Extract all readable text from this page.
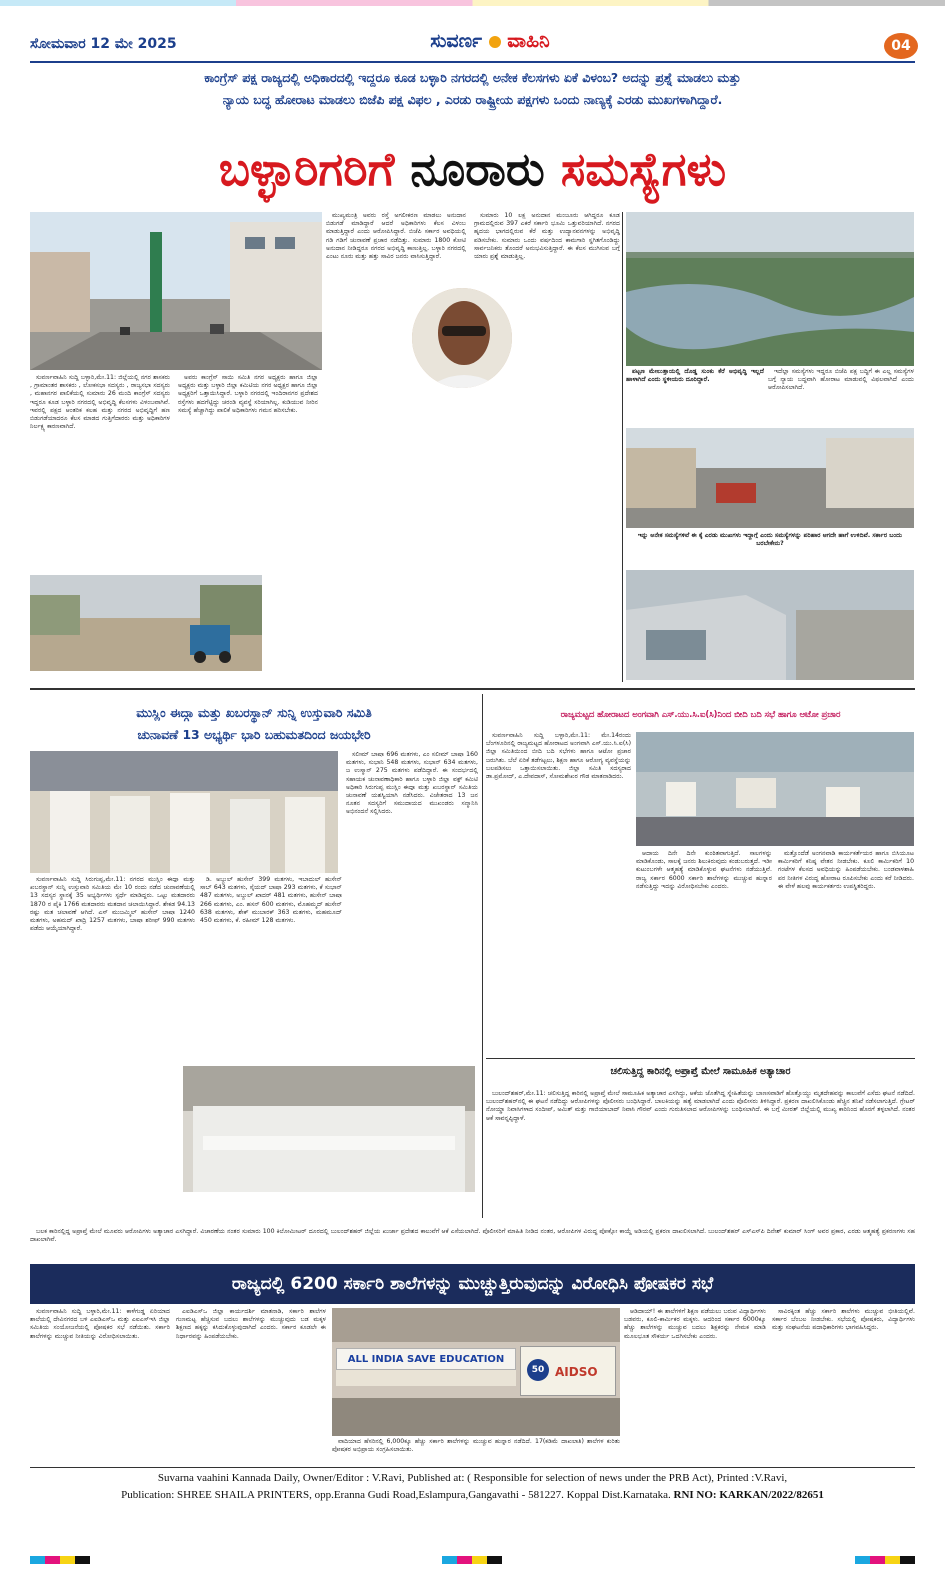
ಸೋಮವಾರ 12 ಮೇ 2025	ಸುವರ್ಣ ವಾಹಿನಿ	04
ಕಾಂಗ್ರೆಸ್ ಪಕ್ಷ ರಾಜ್ಯದಲ್ಲಿ ಅಧಿಕಾರದಲ್ಲಿ ಇದ್ದರೂ ಕೂಡ ಬಳ್ಳಾರಿ ನಗರದಲ್ಲಿ ಅನೇಕ ಕೆಲಸಗಳು ಏಕೆ ವಿಳಂಬ? ಅದನ್ನು ಪ್ರಶ್ನೆ ಮಾಡಲು ಮತ್ತು
ನ್ಯಾಯ ಬದ್ಧ ಹೋರಾಟ ಮಾಡಲು ಬಿಜೆಪಿ ಪಕ್ಷ ವಿಫಲ , ಎರಡು ರಾಷ್ಟ್ರೀಯ ಪಕ್ಷಗಳು ಒಂದು ನಾಣ್ಯಕ್ಕೆ ಎರಡು ಮುಖಗಳಾಗಿದ್ದಾರೆ.
ಬಳ್ಳಾರಿಗರಿಗೆ ನೂರಾರು ಸಮಸ್ಯೆಗಳು

ಸುವರ್ಣವಾಹಿನಿ ಸುದ್ದಿ ಬಳ್ಳಾರಿ,ಮೇ.11: ಜಿಲ್ಲೆಯಲ್ಲಿ ನಗರ ಶಾಸಕರು , ಗ್ರಾಮಾಂತರ ಶಾಸಕರು , ಲೋಕಸಭಾ ಸದಸ್ಯರು , ರಾಜ್ಯಸಭಾ ಸದಸ್ಯರು , ಮಹಾನಗರ ಪಾಲಿಕೆಯಲ್ಲಿ ಸುಮಾರು 26 ಮಂದಿ ಕಾಂಗ್ರೆಸ್ ಸದಸ್ಯರು ಇದ್ದರೂ ಕೂಡ ಬಳ್ಳಾರಿ ನಗರದಲ್ಲಿ ಅಭಿವೃದ್ಧಿ ಕೆಲಸಗಳು ವಿಳಂಬವಾಗಿವೆ. ಇವರಲ್ಲಿ ಪಕ್ಷದ ಆಂತರಿಕ ಕಲಹ ಮತ್ತು ನಗರದ ಅಭಿವೃದ್ಧಿಗೆ ಹಣ ಬಿಡುಗಡೆಯಾದರೂ ಕೆಲಸ ಮಾಡದ ಗುತ್ತಿಗೆದಾರರು ಮತ್ತು ಅಧಿಕಾರಿಗಳ ನಿರ್ಲಕ್ಷ್ಯ ಕಾರಣವಾಗಿದೆ.

ಅವರು ಕಾಂಗ್ರೆಸ್ ಸಾಯಿ ಸಮಿತಿ ನಗರ ಅಧ್ಯಕ್ಷರು ಹಾಗೂ ಜಿಲ್ಲಾ ಅಧ್ಯಕ್ಷರು ಮತ್ತು ಬಳ್ಳಾರಿ ಜಿಲ್ಲಾ ಕಮಿಟಿಯ ನಗರ ಅಧ್ಯಕ್ಷರ ಹಾಗೂ ಜಿಲ್ಲಾ ಅಧ್ಯಕ್ಷರಿಗೆ ಒತ್ತಾಯಿಸಿದ್ದಾರೆ. ಬಳ್ಳಾರಿ ನಗರದಲ್ಲಿ ಇಂದಿರಾನಗರ ಪ್ರದೇಶದ ರಸ್ತೆಗಳು ಹದಗೆಟ್ಟಿದ್ದು ಚರಂಡಿ ವ್ಯವಸ್ಥೆ ಸರಿಯಾಗಿಲ್ಲ. ಕುಡಿಯುವ ನೀರಿನ ಸಮಸ್ಯೆ ಹೆಚ್ಚಾಗಿದ್ದು ಪಾಲಿಕೆ ಅಧಿಕಾರಿಗಳು ಗಮನ ಹರಿಸಬೇಕು.

ಮುಖ್ಯಮಂತ್ರಿ ಅವರು ರಸ್ತೆ ಅಗಲೀಕರಣ ಮಾಡಲು ಅನುದಾನ ಬಿಡುಗಡೆ ಮಾಡಿದ್ದಾರೆ ಆದರೆ ಅಧಿಕಾರಿಗಳು ಕೆಲಸ ವಿಳಂಬ ಮಾಡುತ್ತಿದ್ದಾರೆ ಎಂದು ಆರೋಪಿಸಿದ್ದಾರೆ. ಬಿಜೆಪಿ ಸರ್ಕಾರ ಅವಧಿಯಲ್ಲಿ ಗಡಿ ಗಡಿಗೆ ಚುನಾವಣೆ ಪ್ರಚಾರ ನಡೆದಿತ್ತು. ಸುಮಾರು 1800 ಕೋಟಿ ಅನುದಾನ ನೀಡಿದ್ದರೂ ನಗರದ ಅಭಿವೃದ್ಧಿ ಕಾಣುತ್ತಿಲ್ಲ. ಬಳ್ಳಾರಿ ನಗರದಲ್ಲಿ ಎಂಟು ನೂರು ಮತ್ತು ಹತ್ತು ಸಾವಿರ ಜನರು ವಾಸಿಸುತ್ತಿದ್ದಾರೆ.

ಸುಮಾರು 10 ಲಕ್ಷ ಅನುದಾನ ಮಂಜೂರು ಆಗಿದ್ದರೂ ಕೂಡ ಗ್ರಾಮದಲ್ಲಿರುವ 397 ಎಕರೆ ಸರ್ಕಾರಿ ಭೂಮಿ ಒತ್ತುವರಿಯಾಗಿದೆ. ನಗರದ ಹೃದಯ ಭಾಗದಲ್ಲಿರುವ ಕೆರೆ ಮತ್ತು ಉದ್ಯಾನವನಗಳನ್ನು ಅಭಿವೃದ್ಧಿ ಪಡಿಸಬೇಕು. ಸುಮಾರು ಒಂದು ವರ್ಷದಿಂದ ಕಾಮಗಾರಿ ಸ್ಥಗಿತಗೊಂಡಿದ್ದು ಸಾರ್ವಜನಿಕರು ತೊಂದರೆ ಅನುಭವಿಸುತ್ತಿದ್ದಾರೆ. ಈ ಕೆಲಸ ಮುಗಿಸುವ ಬಗ್ಗೆ ಯಾರು ಪ್ರಶ್ನೆ ಮಾಡುತ್ತಿಲ್ಲ.

ಇದೆಲ್ಲಾ ಸಮಸ್ಯೆಗಳು ಇದ್ದರೂ ಬಿಜೆಪಿ ಪಕ್ಷ ಬದ್ಧಿಗೆ ಈ ಎಲ್ಲ ಸಮಸ್ಯೆಗಳ ಬಗ್ಗೆ ನ್ಯಾಯ ಬದ್ಧವಾಗಿ ಹೋರಾಟ ಮಾಡುವಲ್ಲಿ ವಿಫಲವಾಗಿದೆ ಎಂದು ಆರೋಪಿಸಲಾಗಿದೆ.

ಪಟ್ಟಣ ಮೇಲುತ್ತಾಯಲ್ಲಿ ದೊಡ್ಡ ಸುಂಕು ಕೆರೆ ಅಭಿವೃದ್ಧಿ ಇಲ್ಲದೆ ಹಾಳಾಗಿದೆ ಎಂದು ಸ್ಥಳೀಯರು ದೂರಿದ್ದಾರೆ.

ಇನ್ನು ಅನೇಕ ಸಮಸ್ಯೆಗಳಿವೆ ಈ ಕ್ಕೆ ಎರಡು ಮುಖಗಳು ಇದ್ದಾಗ್ಗೆ ಎಂದು ಸಮಸ್ಯೆಗಳನ್ನು ಪರಿಹಾರ ಆಗದೇ ಹಾಗೆ ಉಳಿದಿವೆ. ಸರ್ಕಾರ ಬಂದು ಬರಬೇಕೇನು?

ಮುಸ್ಲಿಂ ಈದ್ಗಾ ಮತ್ತು ಖಬರಸ್ಥಾನ್ ಸುನ್ನಿ ಉಸ್ತುವಾರಿ ಸಮಿತಿ
ಚುನಾವಣೆ 13 ಅಭ್ಯರ್ಥಿ ಭಾರಿ ಬಹುಮತದಿಂದ ಜಯಭೇರಿ

ಸುವರ್ಣವಾಹಿನಿ ಸುದ್ದಿ ಸಿರುಗುಪ್ಪ,ಮೇ.11: ನಗರದ ಮುಸ್ಲಿಂ ಈದ್ಗಾ ಮತ್ತು ಖಬರಸ್ಥಾನ್ ಸುನ್ನಿ ಉಸ್ತುವಾರಿ ಸಮಿತಿಯ ಮೇ 10 ರಂದು ನಡೆದ ಚುನಾವಣೆಯಲ್ಲಿ 13 ಸದಸ್ಯರ ಸ್ಥಾನಕ್ಕೆ 35 ಅಭ್ಯರ್ಥಿಗಳು ಸ್ಪರ್ಧೆ ಮಾಡಿದ್ದರು. ಒಟ್ಟು ಮತದಾರರು 1870 ರ ಪೈಕಿ 1766 ಮತದಾರರು ಮತದಾನ ಚಲಾಯಿಸಿದ್ದಾರೆ. ಶೇಕಡ 94.13 ರಷ್ಟು ಮತ ಚಲಾವಣೆ ಆಗಿದೆ. ಎಸ್ ಮುಜಮ್ಮಿಲ್ ಹುಸೇನ್ ಬಾಷಾ 1240 ಮತಗಳು, ಅಹಮದ್ ಖಾದ್ರಿ 1257 ಮತಗಳು, ಬಾಷಾ ಶರೀಫ್ 990 ಮತಗಳು ಪಡೆದು ಆಯ್ಕೆಯಾಗಿದ್ದಾರೆ.

ಡಿ. ಅಬ್ದುಲ್ ಹುಸೇನ್ 399 ಮತಗಳು, ಇಬಾದುಲ್ ಹುಸೇನ್ ಸಾಬ್ 643 ಮತಗಳು, ಸೈಯದ್ ಬಾಷಾ 293 ಮತಗಳು, ಕೆ ಸುಭಾನ್ 487 ಮತಗಳು, ಅಬ್ದುಲ್ ಖಾದರ್ 481 ಮತಗಳು, ಹುಸೇನ್ ಬಾಷಾ 266 ಮತಗಳು, ಎಂ. ಹಸನ್ 600 ಮತಗಳು, ಮೊಹಮ್ಮದ್ ಹುಸೇನ್ 638 ಮತಗಳು, ಶೇಕ್ ಮುಬಾರಕ್ 363 ಮತಗಳು, ಮಹಮೂದ್ 450 ಮತಗಳು, ಕೆ. ರಹೀಮ್ 128 ಮತಗಳು.

ಸಲೀಮ್ ಬಾಷಾ 696 ಮತಗಳು, ಎಂ ಸಲೀಮ್ ಬಾಷಾ 160 ಮತಗಳು, ಸುಭಾನಿ 548 ಮತಗಳು, ಸುಭಾನ್ 634 ಮತಗಳು, ಜ ಉಸ್ಮಾನ್ 275 ಮತಗಳು ಪಡೆದಿದ್ದಾರೆ. ಈ ಸಂದರ್ಭದಲ್ಲಿ ಸಹಾಯಕ ಚುನಾವಣಾಧಿಕಾರಿ ಹಾಗೂ ಬಳ್ಳಾರಿ ಜಿಲ್ಲಾ ವಕ್ಫ್ ಕಮಿಟಿ ಅಧಿಕಾರಿ ಸಿರುಗುಪ್ಪ ಮುಸ್ಲಿಂ ಈದ್ಗಾ ಮತ್ತು ಖಬರಸ್ಥಾನ್ ಸಮಿತಿಯ ಚುನಾವಣೆ ಯಶಸ್ವಿಯಾಗಿ ನಡೆಸಿದರು. ವಿಜೇತರಾದ 13 ಜನ ನೂತನ ಸದಸ್ಯರಿಗೆ ಸಮುದಾಯದ ಮುಖಂಡರು ಸನ್ಮಾನಿಸಿ ಅಭಿನಂದನೆ ಸಲ್ಲಿಸಿದರು.

ರಾಜ್ಯಮಟ್ಟದ ಹೋರಾಟದ ಅಂಗವಾಗಿ ಎಸ್.ಯು.ಸಿ.ಐ(ಸಿ)ನಿಂದ ಬೀದಿ ಬದಿ ಸಭೆ ಹಾಗೂ ಆಟೋ ಪ್ರಚಾರ

ಸುವರ್ಣವಾಹಿನಿ ಸುದ್ದಿ ಬಳ್ಳಾರಿ,ಮೇ.11: ಮೇ.14ರಂದು ಬೆಂಗಳೂರಿನಲ್ಲಿ ರಾಜ್ಯಮಟ್ಟದ ಹೋರಾಟದ ಅಂಗವಾಗಿ ಎಸ್.ಯು.ಸಿ.ಐ(ಸಿ) ಜಿಲ್ಲಾ ಸಮಿತಿಯಿಂದ ಬೀದಿ ಬದಿ ಸಭೆಗಳು ಹಾಗೂ ಆಟೋ ಪ್ರಚಾರ ಜರುಗಿತು. ಬೆಲೆ ಏರಿಕೆ ತಡೆಗಟ್ಟಲು, ಶಿಕ್ಷಣ ಹಾಗೂ ಆರೋಗ್ಯ ವ್ಯವಸ್ಥೆಯನ್ನು ಬಲಪಡಿಸಲು ಒತ್ತಾಯಿಸಲಾಯಿತು. ಜಿಲ್ಲಾ ಸಮಿತಿ ಸದಸ್ಯರಾದ ಡಾ.ಪ್ರಮೋದ್, ಎ.ದೇವದಾಸ್, ಸೋಮಶೇಖರ ಗೌಡ ಮಾತನಾಡಿದರು.

ಆದಾಯ ದಿನೇ ದಿನೇ ಕುಂಠಿತವಾಗುತ್ತಿದೆ. ಸಾಲಗಳನ್ನು ಮಾಡಿಕೊಂಡು, ಸಾಲಕ್ಕೆ ಜನರು ಶಿಲುಕಿರುವುದು ಕಂಡುಬರುತ್ತದೆ. ಇಡೀ ಕುಟುಂಬಗಳೇ ಆತ್ಮಹತ್ಯೆ ಮಾಡಿಕೊಳ್ಳುವ ಘಟನೆಗಳು ನಡೆಯುತ್ತಿವೆ. ರಾಜ್ಯ ಸರ್ಕಾರ 6000 ಸರ್ಕಾರಿ ಶಾಲೆಗಳನ್ನು ಮುಚ್ಚುವ ಹುನ್ನಾರ ನಡೆಸುತ್ತಿದ್ದು ಇದನ್ನು ವಿರೋಧಿಸಬೇಕು ಎಂದರು.

ಮತ್ತೊಂದೆಡೆ ಅಂಗನವಾಡಿ ಕಾರ್ಯಕರ್ತೆಯರ ಹಾಗೂ ಬಿಸಿಯೂಟ ಕಾರ್ಮಿಕರಿಗೆ ಕನಿಷ್ಠ ವೇತನ ನೀಡಬೇಕು. ಕೂಲಿ ಕಾರ್ಮಿಕರಿಗೆ 10 ಗಂಟೆಗಳ ಕೆಲಸದ ಅವಧಿಯನ್ನು ಹಿಂಪಡೆಯಬೇಕು. ಬಂಡವಾಳಶಾಹಿ ಪರ ನೀತಿಗಳ ವಿರುದ್ಧ ಹೋರಾಟ ರೂಪಿಸಬೇಕು ಎಂದು ಕರೆ ನೀಡಿದರು. ಈ ವೇಳೆ ಹಲವು ಕಾರ್ಯಕರ್ತರು ಉಪಸ್ಥಿತರಿದ್ದರು.

ಚಲಿಸುತ್ತಿದ್ದ ಕಾರಿನಲ್ಲಿ ಅಪ್ರಾಪ್ತೆ ಮೇಲೆ ಸಾಮೂಹಿಕ ಅತ್ಯಾಚಾರ

ಬುಲಂದ್‌ಶಹರ್,ಮೇ.11: ಚಲಿಸುತ್ತಿದ್ದ ಕಾರಿನಲ್ಲಿ ಅಪ್ರಾಪ್ತೆ ಮೇಲೆ ಸಾಮೂಹಿಕ ಅತ್ಯಾಚಾರ ಎಸಗಿದ್ದು, ಆಕೆಯ ಜೊತೆಗಿದ್ದ ಸ್ನೇಹಿತೆಯನ್ನು ಬಾಣಸವಾಡಿಗೆ ಹೊತ್ತೊಯ್ದು ಮೃತದೇಹವನ್ನು ಕಾಲುವೆಗೆ ಎಸೆದು ಘಟನೆ ನಡೆದಿದೆ. ಬುಲಂದ್‌ಶಹರ್‌ನಲ್ಲಿ ಈ ಘಟನೆ ನಡೆದಿದ್ದು ಆರೋಪಿಗಳನ್ನು ಪೊಲೀಸರು ಬಂಧಿಸಿದ್ದಾರೆ. ಬಾಲಕಿಯನ್ನು ಹತ್ಯೆ ಮಾಡಲಾಗಿದೆ ಎಂದು ಪೊಲೀಸರು ತಿಳಿಸಿದ್ದಾರೆ. ಪ್ರಕರಣ ದಾಖಲಿಸಿಕೊಂಡು ಹೆಚ್ಚಿನ ತನಿಖೆ ನಡೆಸಲಾಗುತ್ತಿದೆ. ಗ್ರೇಟರ್ ನೋಯ್ಡಾ ನಿವಾಸಿಗಳಾದ ಸಂದೀಪ್, ಅಮಿತ್ ಮತ್ತು ಗಾಜಿಯಾಬಾದ್ ನಿವಾಸಿ ಗೌರವ್ ಎಂದು ಗುರುತಿಸಲಾದ ಆರೋಪಿಗಳನ್ನು ಬಂಧಿಸಲಾಗಿದೆ. ಈ ಬಗ್ಗೆ ಮೀರತ್ ಜಿಲ್ಲೆಯಲ್ಲಿ ಮುಖ್ಯ ಕಾರಿನಿಂದ ಹೊರಗೆ ತಳ್ಳಲಾಗಿದೆ. ನಂತರ ಆಕೆ ಸಾವನ್ನಪ್ಪಿದ್ದಾಳೆ.

ಬಲಕ ಕಾರಿನಲ್ಲಿದ್ದ ಅಪ್ರಾಪ್ತೆ ಮೇಲೆ ಮೂವರು ಆರೋಪಿಗಳು ಅತ್ಯಾಚಾರ ಎಸಗಿದ್ದಾರೆ. ವಿಚಾರಣೆಯ ನಂತರ ಸುಮಾರು 100 ಕಿಲೋಮೀಟರ್ ದೂರದಲ್ಲಿ ಬುಲಂದ್‌ಶಹರ್ ಜಿಲ್ಲೆಯ ಖುರ್ಜಾ ಪ್ರದೇಶದ ಕಾಲುವೆಗೆ ಆಕೆ ಎಸೆಯಲಾಗಿದೆ. ಪೊಲೀಸರಿಗೆ ಮಾಹಿತಿ ನೀಡಿದ ನಂತರ, ಆರೋಪಿಗಳ ವಿರುದ್ಧ ಪೋಕ್ಸೋ ಕಾಯ್ದೆ ಅಡಿಯಲ್ಲಿ ಪ್ರಕರಣ ದಾಖಲಿಸಲಾಗಿದೆ. ಬುಲಂದ್‌ಶಹರ್ ಎಸ್‌ಎಸ್‌ಪಿ ದಿನೇಶ್ ಕುಮಾರ್ ಸಿಂಗ್ ಅವರ ಪ್ರಕಾರ, ಎರಡು ಆತ್ಮಹತ್ಯೆ ಪ್ರಕರಣಗಳು ಸಹ ದಾಖಲಾಗಿವೆ.

ರಾಜ್ಯದಲ್ಲಿ 6200 ಸರ್ಕಾರಿ ಶಾಲೆಗಳನ್ನು ಮುಚ್ಚುತ್ತಿರುವುದನ್ನು ವಿರೋಧಿಸಿ ಪೋಷಕರ ಸಭೆ

ಸುವರ್ಣವಾಹಿನಿ ಸುದ್ದಿ ಬಳ್ಳಾರಿ,ಮೇ.11: ಕಾಳೆಗುಡ್ಡ ಏರಿಯಾದ ಶಾಲೆಯಲ್ಲಿ ದೇವಿನಗರದ ಬಳಿ ಎಐಡಿಎಸ್‌ಒ ಮತ್ತು ಎಐಎಸ್‌ಇಸಿ ಜಿಲ್ಲಾ ಸಮಿತಿಯ ಸಂಯೋಜನೆಯಲ್ಲಿ ಪೋಷಕರ ಸಭೆ ನಡೆಯಿತು. ಸರ್ಕಾರಿ ಶಾಲೆಗಳನ್ನು ಮುಚ್ಚುವ ನೀತಿಯನ್ನು ವಿರೋಧಿಸಲಾಯಿತು.

ಎಐಡಿಎಸ್‌ಒ ಜಿಲ್ಲಾ ಕಾರ್ಯದರ್ಶಿ ಮಾತನಾಡಿ, ಸರ್ಕಾರಿ ಶಾಲೆಗಳ ಗುಣಮಟ್ಟ ಹೆಚ್ಚಿಸುವ ಬದಲು ಶಾಲೆಗಳನ್ನು ಮುಚ್ಚುವುದು ಬಡ ಮಕ್ಕಳ ಶಿಕ್ಷಣದ ಹಕ್ಕನ್ನು ಕಸಿದುಕೊಳ್ಳುವುದಾಗಿದೆ ಎಂದರು. ಸರ್ಕಾರ ಕೂಡಲೇ ಈ ನಿರ್ಧಾರವನ್ನು ಹಿಂಪಡೆಯಬೇಕು.

ALL INDIA SAVE EDUCATION
50 AIDSO

ವಾದಿಯಾದ ಹೆಸರಿನಲ್ಲಿ 6,000ಕ್ಕೂ ಹೆಚ್ಚು ಸರ್ಕಾರಿ ಶಾಲೆಗಳನ್ನು ಮುಚ್ಚುವ ಹುನ್ನಾರ ನಡೆದಿದೆ. 17(ಕಡಿಮೆ ದಾಖಲಾತಿ) ಶಾಲೆಗಳ ಕುರಿತು ಪೋಷಕರ ಅಭಿಪ್ರಾಯ ಸಂಗ್ರಹಿಸಲಾಯಿತು.

ಆಡಿದಾಯ್! ಈ ಶಾಲೆಗಳಿಗೆ ಶಿಕ್ಷಣ ಪಡೆಯಲು ಬರುವ ವಿದ್ಯಾರ್ಥಿಗಳು ಬಡವರು, ಕೂಲಿ-ಕಾರ್ಮಿಕರ ಮಕ್ಕಳು. ಆದರಿಂದ ಸರ್ಕಾರ 6000ಕ್ಕೂ ಹೆಚ್ಚು ಶಾಲೆಗಳನ್ನು ಮುಚ್ಚುವ ಬದಲು ಶಿಕ್ಷಕರನ್ನು ನೇಮಕ ಮಾಡಿ ಮೂಲಭೂತ ಸೌಕರ್ಯ ಒದಗಿಸಬೇಕು ಎಂದರು.

ಸಾವಿರಕ್ಕಿಂತ ಹೆಚ್ಚು ಸರ್ಕಾರಿ ಶಾಲೆಗಳು ಮುಚ್ಚುವ ಭೀತಿಯಲ್ಲಿವೆ. ಸರ್ಕಾರ ಬೆಂಬಲ ನೀಡಬೇಕು. ಸಭೆಯಲ್ಲಿ ಪೋಷಕರು, ವಿದ್ಯಾರ್ಥಿಗಳು ಮತ್ತು ಸಂಘಟನೆಯ ಪದಾಧಿಕಾರಿಗಳು ಭಾಗವಹಿಸಿದ್ದರು.

Suvarna vaahini Kannada Daily, Owner/Editor : V.Ravi, Published at: ( Responsible for selection of news under the PRB Act), Printed :V.Ravi,
Publication: SHREE SHAILA PRINTERS, opp.Eranna Gudi Road,Eslampura,Gangavathi - 581227. Koppal Dist.Karnataka. RNI NO: KARKAN/2022/82651
